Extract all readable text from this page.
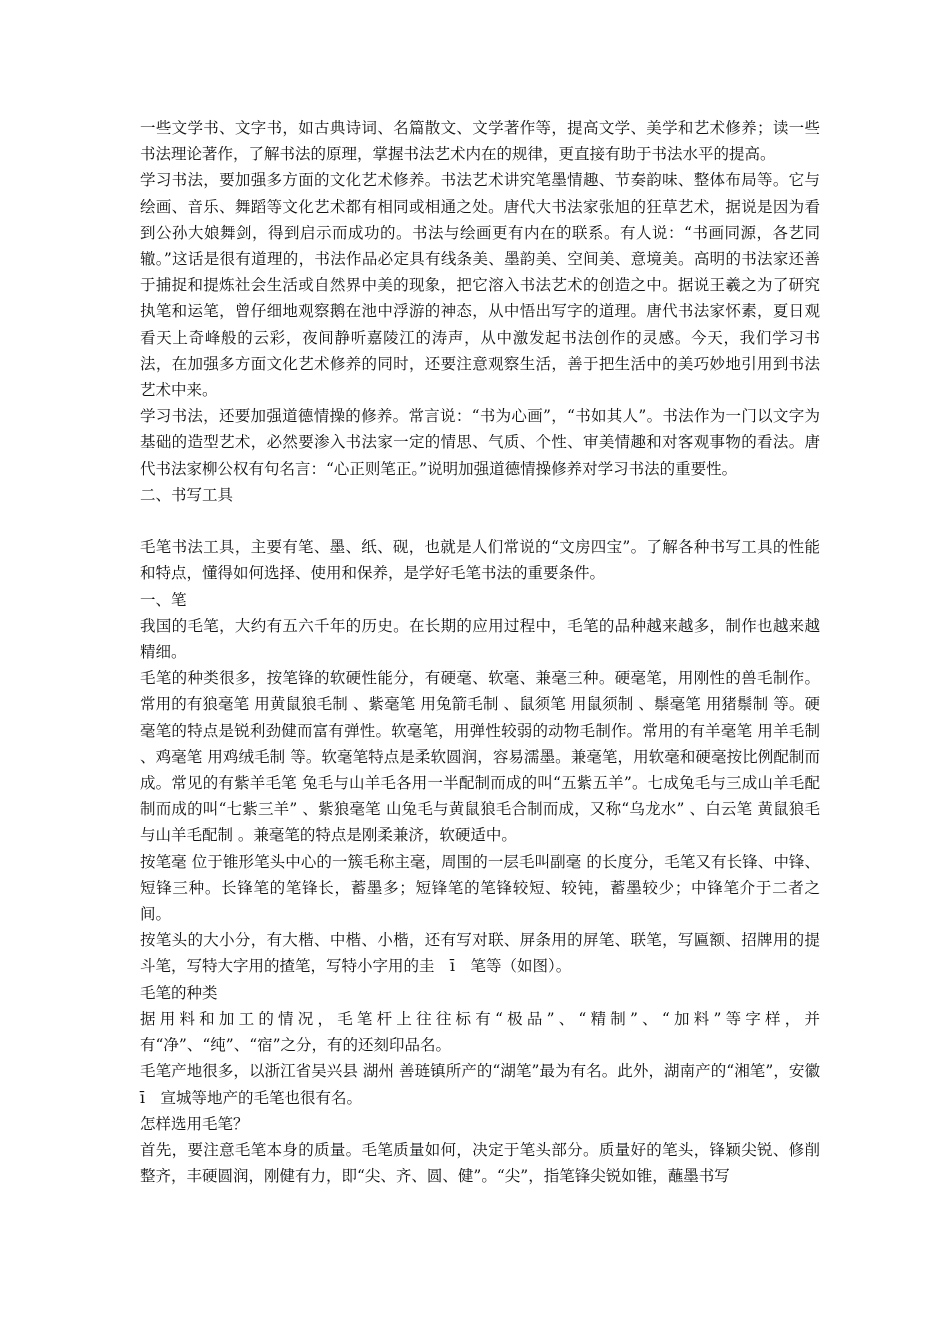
一些文学书、文字书，如古典诗词、名篇散文、文学著作等，提高文学、美学和艺术修养；读一些书法理论著作，了解书法的原理，掌握书法艺术内在的规律，更直接有助于书法水平的提高。

学习书法，要加强多方面的文化艺术修养。书法艺术讲究笔墨情趣、节奏韵味、整体布局等。它与绘画、音乐、舞蹈等文化艺术都有相同或相通之处。唐代大书法家张旭的狂草艺术，据说是因为看到公孙大娘舞剑，得到启示而成功的。书法与绘画更有内在的联系。有人说：“书画同源，各艺同辙。”这话是很有道理的，书法作品必定具有线条美、墨韵美、空间美、意境美。高明的书法家还善于捕捉和提炼社会生活或自然界中美的现象，把它溶入书法艺术的创造之中。据说王羲之为了研究执笔和运笔，曾仔细地观察鹅在池中浮游的神态，从中悟出写字的道理。唐代书法家怀素，夏日观看天上奇峰般的云彩，夜间静听嘉陵江的涛声，从中激发起书法创作的灵感。今天，我们学习书法，在加强多方面文化艺术修养的同时，还要注意观察生活，善于把生活中的美巧妙地引用到书法艺术中来。

学习书法，还要加强道德情操的修养。常言说：“书为心画”，“书如其人”。书法作为一门以文字为基础的造型艺术，必然要渗入书法家一定的情思、气质、个性、审美情趣和对客观事物的看法。唐代书法家柳公权有句名言：“心正则笔正。”说明加强道德情操修养对学习书法的重要性。

二、书写工具

毛笔书法工具，主要有笔、墨、纸、砚，也就是人们常说的“文房四宝”。了解各种书写工具的性能和特点，懂得如何选择、使用和保养，是学好毛笔书法的重要条件。

一、笔

我国的毛笔，大约有五六千年的历史。在长期的应用过程中，毛笔的品种越来越多，制作也越来越精细。

毛笔的种类很多，按笔锋的软硬性能分，有硬毫、软毫、兼毫三种。硬毫笔，用刚性的兽毛制作。常用的有狼毫笔 用黄鼠狼毛制 、紫毫笔 用兔箭毛制 、鼠须笔 用鼠须制 、鬃毫笔 用猪鬃制 等。硬毫笔的特点是锐利劲健而富有弹性。软毫笔，用弹性较弱的动物毛制作。常用的有羊毫笔 用羊毛制 、鸡毫笔 用鸡绒毛制 等。软毫笔特点是柔软圆润，容易濡墨。兼毫笔，用软毫和硬毫按比例配制而成。常见的有紫羊毛笔 兔毛与山羊毛各用一半配制而成的叫“五紫五羊”。七成兔毛与三成山羊毛配制而成的叫“七紫三羊” 、紫狼毫笔 山兔毛与黄鼠狼毛合制而成，又称“乌龙水” 、白云笔 黄鼠狼毛与山羊毛配制 。兼毫笔的特点是刚柔兼济，软硬适中。

按笔毫 位于锥形笔头中心的一簇毛称主毫，周围的一层毛叫副毫 的长度分，毛笔又有长锋、中锋、短锋三种。长锋笔的笔锋长，蓄墨多；短锋笔的笔锋较短、较钝，蓄墨较少；中锋笔介于二者之间。

按笔头的大小分，有大楷、中楷、小楷，还有写对联、屏条用的屏笔、联笔，写匾额、招牌用的提斗笔，写特大字用的揸笔，写特小字用的圭　ī　笔等（如图）。

毛笔的种类

据用料和加工的情况，毛笔杆上往往标有“极品”、“精制”、“加料”等字样，并有“净”、“纯”、“宿”之分，有的还刻印品名。

毛笔产地很多，以浙江省吴兴县 湖州 善琏镇所产的“湖笔”最为有名。此外，湖南产的“湘笔”，安徽　ī　宣城等地产的毛笔也很有名。

怎样选用毛笔？

首先，要注意毛笔本身的质量。毛笔质量如何，决定于笔头部分。质量好的笔头，锋颖尖锐、修削整齐，丰硬圆润，刚健有力，即“尖、齐、圆、健”。“尖”，指笔锋尖锐如锥，蘸墨书写
